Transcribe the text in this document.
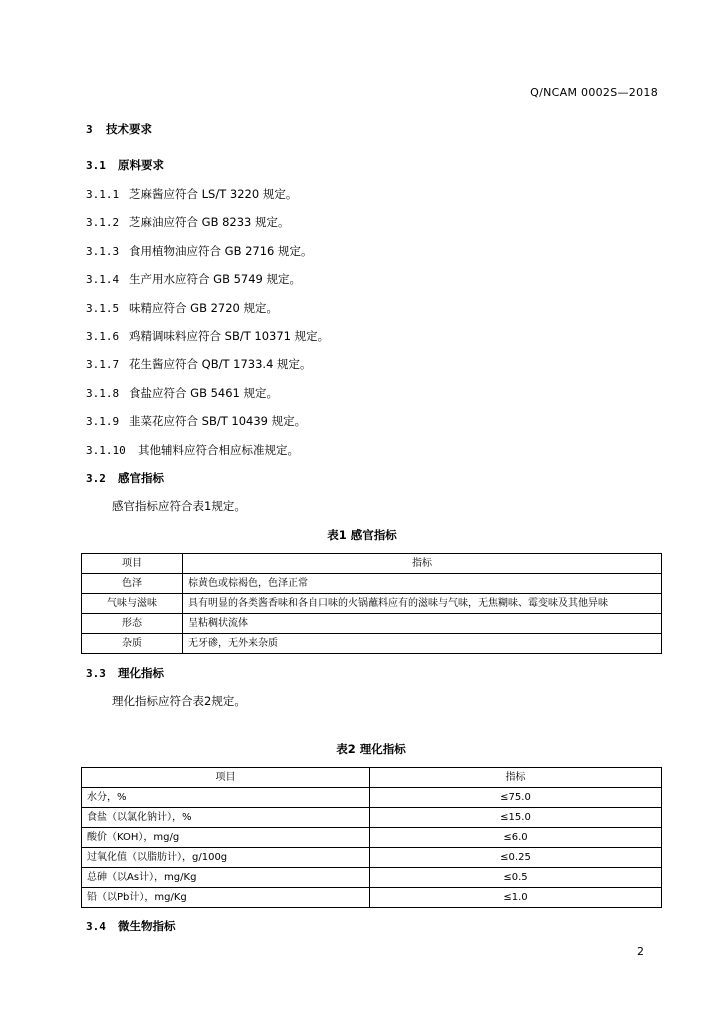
Q/NCAM 0002S—2018
3 技术要求
3.1 原料要求
3.1.1 芝麻酱应符合 LS/T 3220 规定。
3.1.2 芝麻油应符合 GB 8233 规定。
3.1.3 食用植物油应符合 GB 2716 规定。
3.1.4 生产用水应符合 GB 5749 规定。
3.1.5 味精应符合 GB 2720 规定。
3.1.6 鸡精调味料应符合 SB/T 10371 规定。
3.1.7 花生酱应符合 QB/T 1733.4 规定。
3.1.8 食盐应符合 GB 5461 规定。
3.1.9 韭菜花应符合 SB/T 10439 规定。
3.1.10 其他辅料应符合相应标准规定。
3.2 感官指标
感官指标应符合表1规定。
表1 感官指标
项目	指标
色泽	棕黄色或棕褐色，色泽正常
气味与滋味	具有明显的各类酱香味和各自口味的火锅蘸料应有的滋味与气味，无焦糊味、霉变味及其他异味
形态	呈粘稠状流体
杂质	无牙碜，无外来杂质
3.3 理化指标
理化指标应符合表2规定。
表2 理化指标
项目	指标
水分，%	≤75.0
食盐（以氯化钠计），%	≤15.0
酸价（KOH），mg/g	≤6.0
过氧化值（以脂肪计），g/100g	≤0.25
总砷（以As计），mg/Kg	≤0.5
铅（以Pb计），mg/Kg	≤1.0
3.4 微生物指标
2
